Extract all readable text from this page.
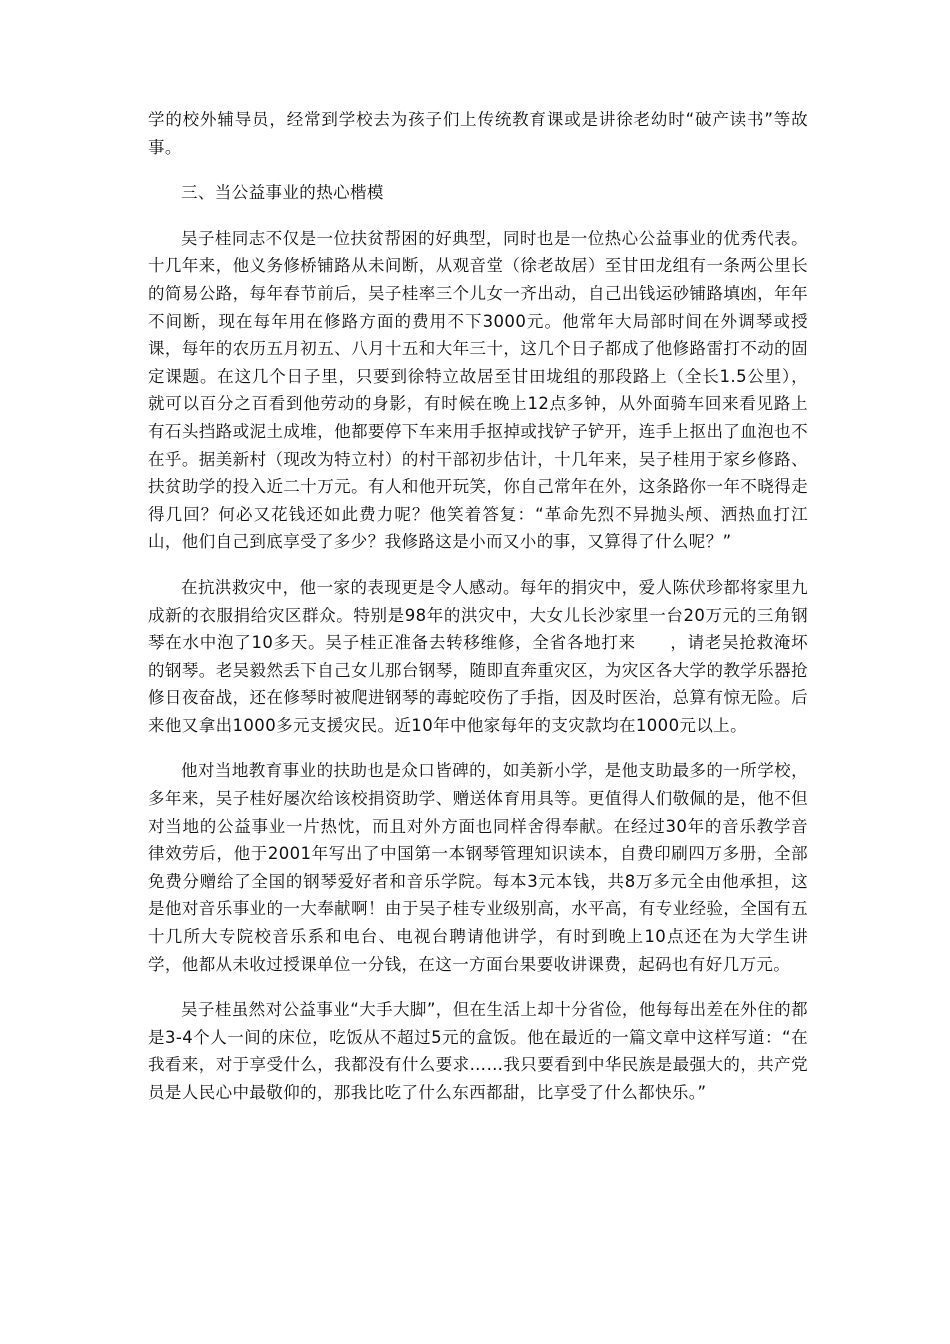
学的校外辅导员，经常到学校去为孩子们上传统教育课或是讲徐老幼时“破产读书”等故事。

三、当公益事业的热心楷模

吴子桂同志不仅是一位扶贫帮困的好典型，同时也是一位热心公益事业的优秀代表。十几年来，他义务修桥铺路从未间断，从观音堂（徐老故居）至甘田龙组有一条两公里长的简易公路，每年春节前后，吴子桂率三个儿女一齐出动，自己出钱运砂铺路填凼，年年不间断，现在每年用在修路方面的费用不下3000元。他常年大局部时间在外调琴或授课，每年的农历五月初五、八月十五和大年三十，这几个日子都成了他修路雷打不动的固定课题。在这几个日子里，只要到徐特立故居至甘田垅组的那段路上（全长1.5公里），就可以百分之百看到他劳动的身影，有时候在晚上12点多钟，从外面骑车回来看见路上有石头挡路或泥土成堆，他都要停下车来用手抠掉或找铲子铲开，连手上抠出了血泡也不在乎。据美新村（现改为特立村）的村干部初步估计，十几年来，吴子桂用于家乡修路、扶贫助学的投入近二十万元。有人和他开玩笑，你自己常年在外，这条路你一年不晓得走得几回？何必又花钱还如此费力呢？他笑着答复：“革命先烈不异抛头颅、洒热血打江山，他们自己到底享受了多少？我修路这是小而又小的事，又算得了什么呢？”

在抗洪救灾中，他一家的表现更是令人感动。每年的捐灾中，爱人陈伏珍都将家里九成新的衣服捐给灾区群众。特别是98年的洪灾中，大女儿长沙家里一台20万元的三角钢琴在水中泡了10多天。吴子桂正准备去转移维修，全省各地打来　　，请老吴抢救淹坏的钢琴。老吴毅然丢下自己女儿那台钢琴，随即直奔重灾区，为灾区各大学的教学乐器抢修日夜奋战，还在修琴时被爬进钢琴的毒蛇咬伤了手指，因及时医治，总算有惊无险。后来他又拿出1000多元支援灾民。近10年中他家每年的支灾款均在1000元以上。

他对当地教育事业的扶助也是众口皆碑的，如美新小学，是他支助最多的一所学校，多年来，吴子桂好屡次给该校捐资助学、赠送体育用具等。更值得人们敬佩的是，他不但对当地的公益事业一片热忱，而且对外方面也同样舍得奉献。在经过30年的音乐教学音律效劳后，他于2001年写出了中国第一本钢琴管理知识读本，自费印刷四万多册，全部免费分赠给了全国的钢琴爱好者和音乐学院。每本3元本钱，共8万多元全由他承担，这是他对音乐事业的一大奉献啊！由于吴子桂专业级别高，水平高，有专业经验，全国有五十几所大专院校音乐系和电台、电视台聘请他讲学，有时到晚上10点还在为大学生讲学，他都从未收过授课单位一分钱，在这一方面台果要收讲课费，起码也有好几万元。

吴子桂虽然对公益事业“大手大脚”，但在生活上却十分省俭，他每每出差在外住的都是3-4个人一间的床位，吃饭从不超过5元的盒饭。他在最近的一篇文章中这样写道：“在我看来，对于享受什么，我都没有什么要求……我只要看到中华民族是最强大的，共产党员是人民心中最敬仰的，那我比吃了什么东西都甜，比享受了什么都快乐。”
